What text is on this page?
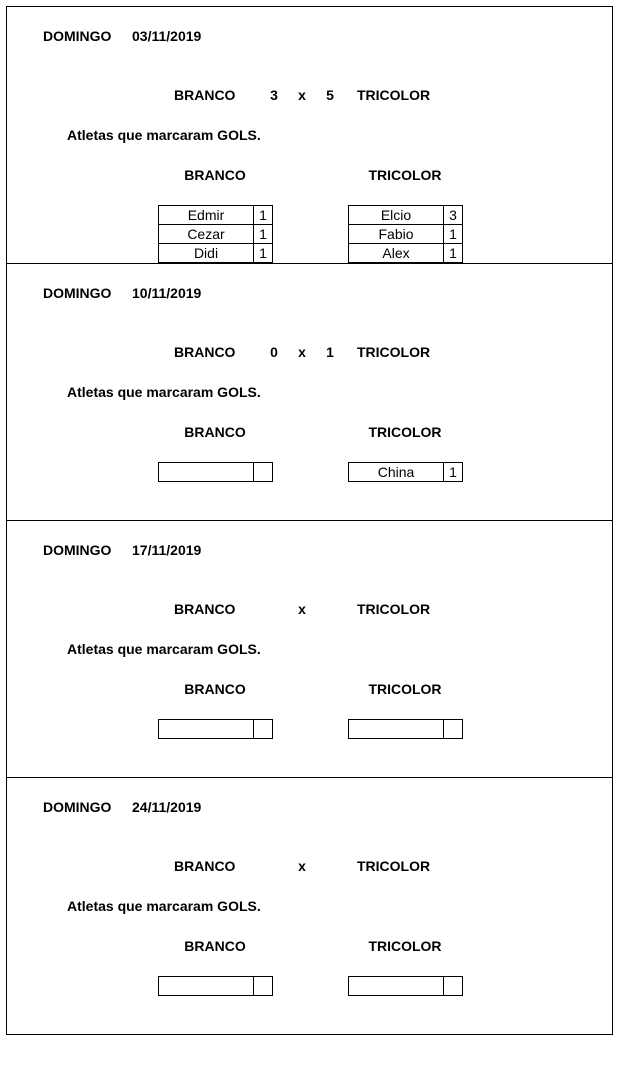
DOMINGO 03/11/2019
BRANCO 3 x 5 TRICOLOR
Atletas que marcaram GOLS.
BRANCO	TRICOLOR
Edmir	1
Cezar	1
Didi	1
Elcio	3
Fabio	1
Alex	1
DOMINGO 10/11/2019
BRANCO 0 x 1 TRICOLOR
Atletas que marcaram GOLS.
BRANCO	TRICOLOR

China	1
DOMINGO 17/11/2019
BRANCO	x	TRICOLOR
Atletas que marcaram GOLS.
BRANCO	TRICOLOR

DOMINGO 24/11/2019
BRANCO	x	TRICOLOR
Atletas que marcaram GOLS.
BRANCO	TRICOLOR
